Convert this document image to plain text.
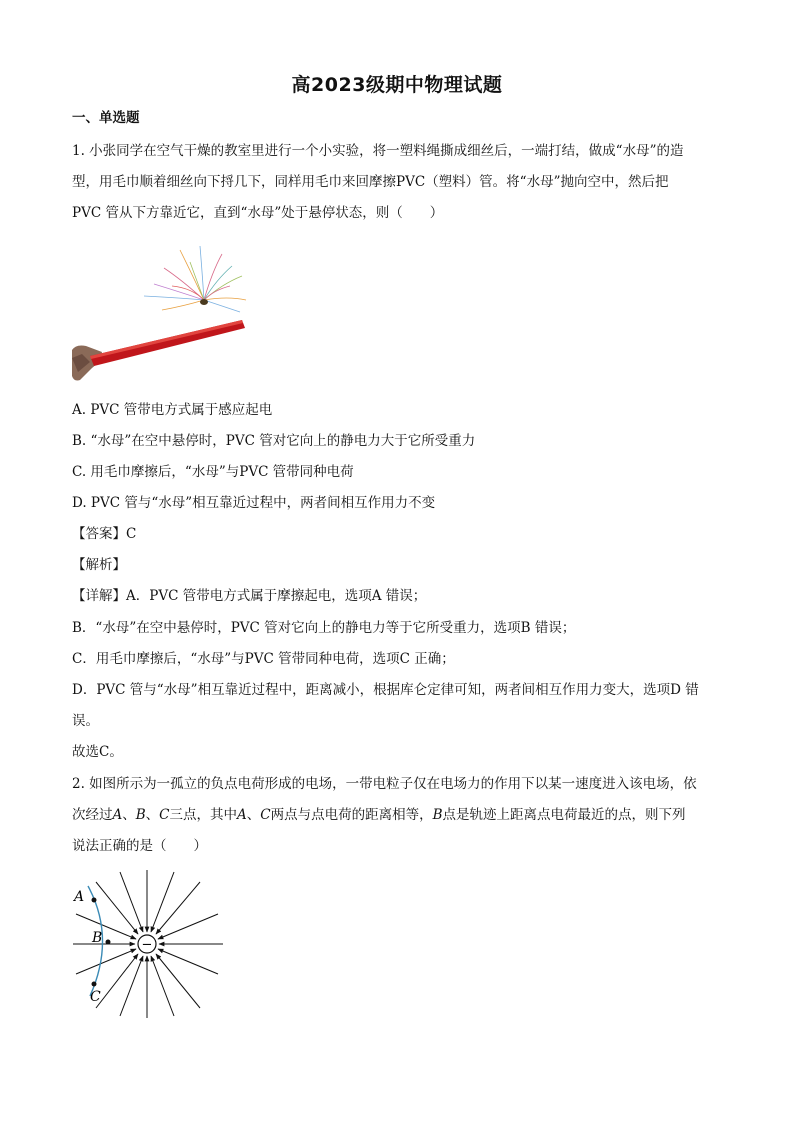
高2023级期中物理试题
一、单选题
1. 小张同学在空气干燥的教室里进行一个小实验，将一塑料绳撕成细丝后，一端打结，做成“水母”的造
型，用毛巾顺着细丝向下捋几下，同样用毛巾来回摩擦PVC（塑料）管。将“水母”抛向空中，然后把
PVC 管从下方靠近它，直到“水母”处于悬停状态，则（　　）
A. PVC 管带电方式属于感应起电
B. “水母”在空中悬停时，PVC 管对它向上的静电力大于它所受重力
C. 用毛巾摩擦后，“水母”与PVC 管带同种电荷
D. PVC 管与“水母”相互靠近过程中，两者间相互作用力不变
【答案】C
【解析】
【详解】A．PVC 管带电方式属于摩擦起电，选项A 错误；
B．“水母”在空中悬停时，PVC 管对它向上的静电力等于它所受重力，选项B 错误；
C．用毛巾摩擦后，“水母”与PVC 管带同种电荷，选项C 正确；
D．PVC 管与“水母”相互靠近过程中，距离减小，根据库仑定律可知，两者间相互作用力变大，选项D 错
误。
故选C。
2. 如图所示为一孤立的负点电荷形成的电场，一带电粒子仅在电场力的作用下以某一速度进入该电场，依
次经过A、B、C三点，其中A、C两点与点电荷的距离相等，B点是轨迹上距离点电荷最近的点，则下列
说法正确的是（　　）
−
A
B
C
